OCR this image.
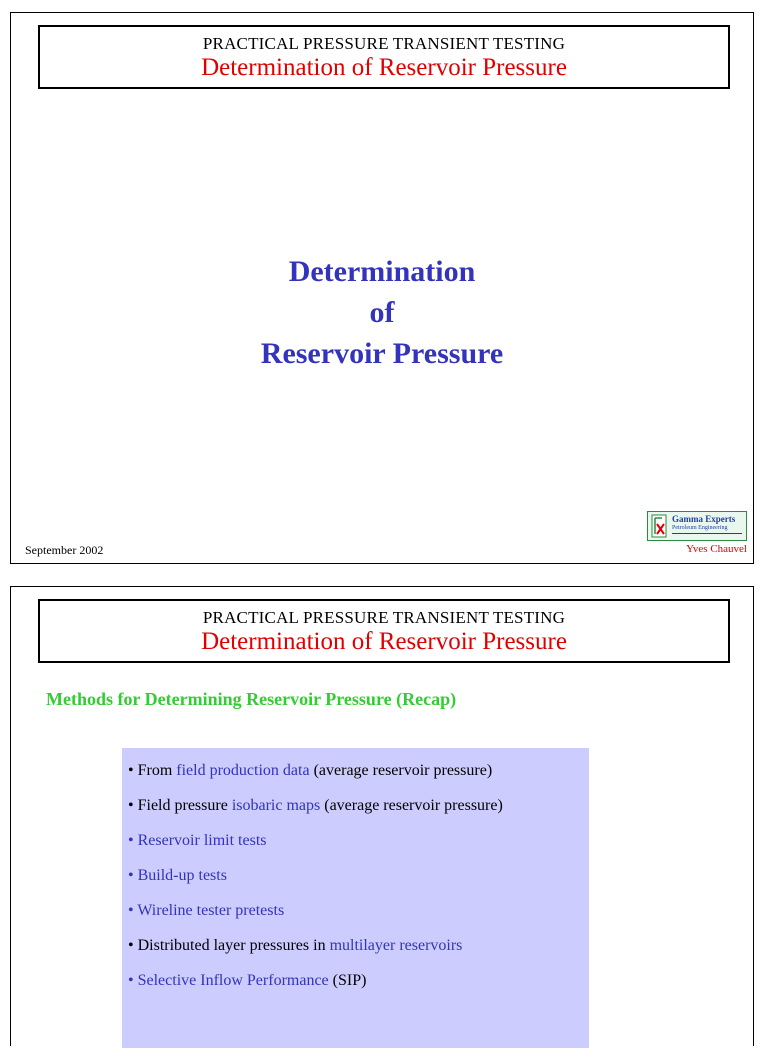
PRACTICAL PRESSURE TRANSIENT TESTING
Determination of Reservoir Pressure
Determination
of
Reservoir Pressure
September 2002
Gamma Experts
Petroleum Engineering
Yves Chauvel
PRACTICAL PRESSURE TRANSIENT TESTING
Determination of Reservoir Pressure
Methods for Determining Reservoir Pressure (Recap)
• From field production data (average reservoir pressure)
• Field pressure isobaric maps (average reservoir pressure)
• Reservoir limit tests
• Build-up tests
• Wireline tester pretests
• Distributed layer pressures in multilayer reservoirs
• Selective Inflow Performance (SIP)
